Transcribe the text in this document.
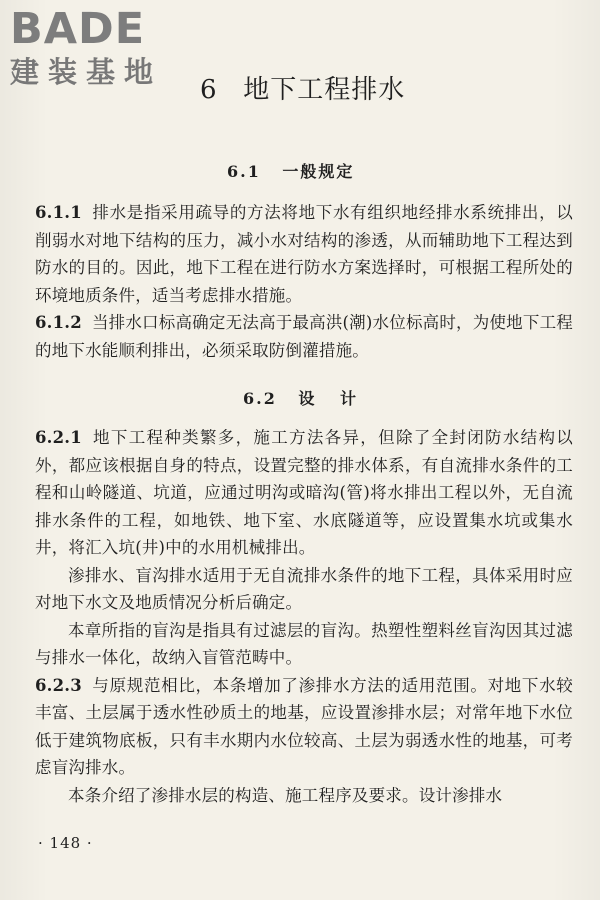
BADE
建装基地
6 地下工程排水
6.1 一般规定

6.1.1 排水是指采用疏导的方法将地下水有组织地经排水系统排出，以削弱水对地下结构的压力，减小水对结构的渗透，从而辅助地下工程达到防水的目的。因此，地下工程在进行防水方案选择时，可根据工程所处的环境地质条件，适当考虑排水措施。

6.1.2 当排水口标高确定无法高于最高洪(潮)水位标高时，为使地下工程的地下水能顺利排出，必须采取防倒灌措施。

6.2 设 计

6.2.1 地下工程种类繁多，施工方法各异，但除了全封闭防水结构以外，都应该根据自身的特点，设置完整的排水体系，有自流排水条件的工程和山岭隧道、坑道，应通过明沟或暗沟(管)将水排出工程以外，无自流排水条件的工程，如地铁、地下室、水底隧道等，应设置集水坑或集水井，将汇入坑(井)中的水用机械排出。

渗排水、盲沟排水适用于无自流排水条件的地下工程，具体采用时应对地下水文及地质情况分析后确定。

本章所指的盲沟是指具有过滤层的盲沟。热塑性塑料丝盲沟因其过滤与排水一体化，故纳入盲管范畴中。

6.2.3 与原规范相比，本条增加了渗排水方法的适用范围。对地下水较丰富、土层属于透水性砂质土的地基，应设置渗排水层；对常年地下水位低于建筑物底板，只有丰水期内水位较高、土层为弱透水性的地基，可考虑盲沟排水。

本条介绍了渗排水层的构造、施工程序及要求。设计渗排水

· 148 ·
